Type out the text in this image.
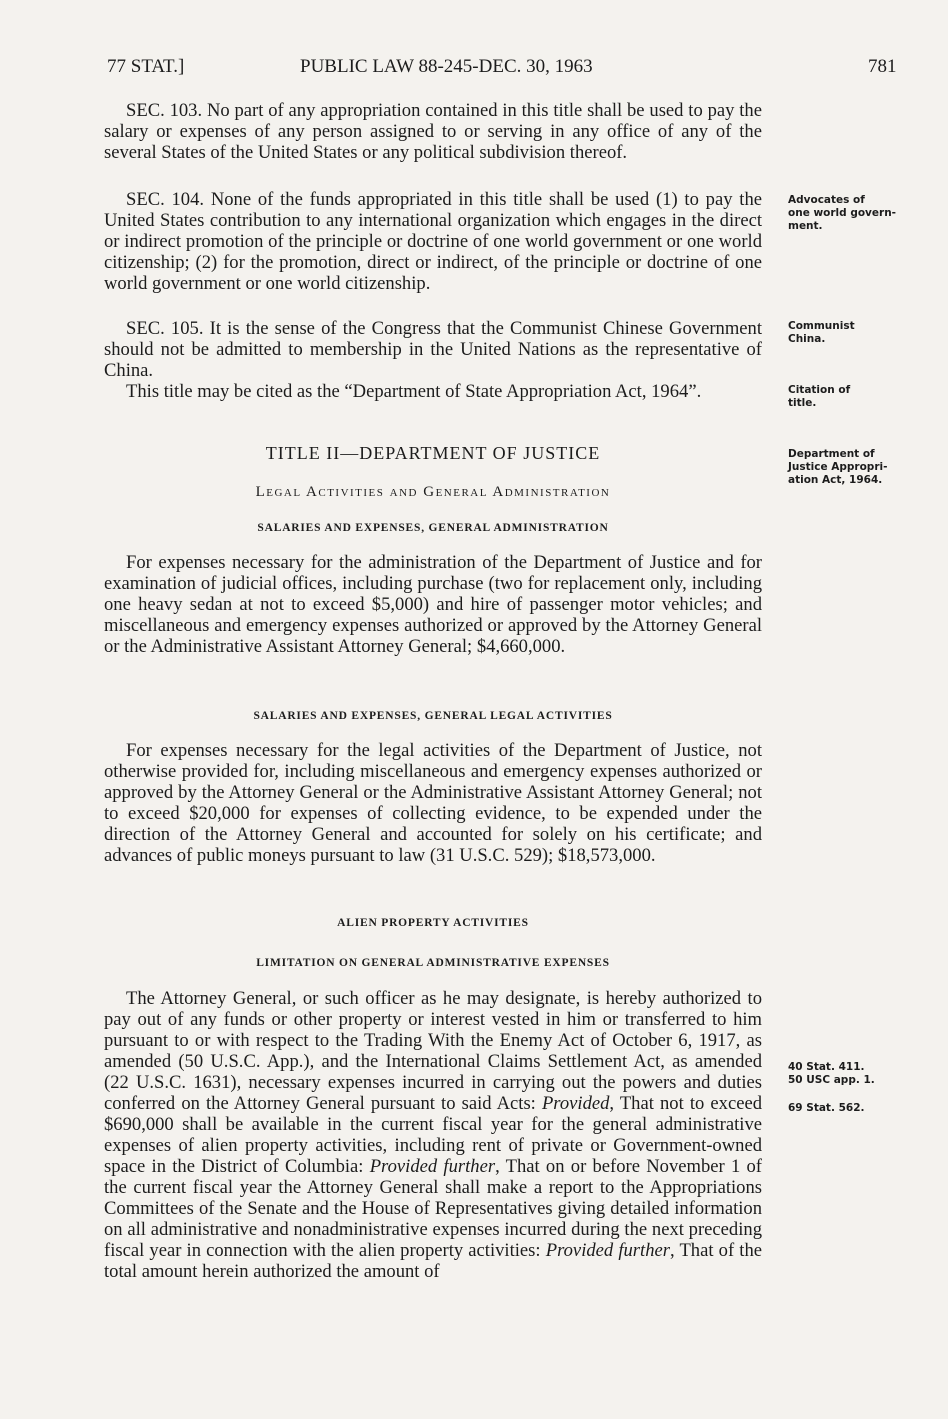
77 STAT.]	PUBLIC LAW 88-245-DEC. 30, 1963	781

SEC. 103. No part of any appropriation contained in this title shall be used to pay the salary or expenses of any person assigned to or serving in any office of any of the several States of the United States or any political subdivision thereof.

SEC. 104. None of the funds appropriated in this title shall be used (1) to pay the United States contribution to any international organization which engages in the direct or indirect promotion of the principle or doctrine of one world government or one world citizenship; (2) for the promotion, direct or indirect, of the principle or doctrine of one world government or one world citizenship.

SEC. 105. It is the sense of the Congress that the Communist Chinese Government should not be admitted to membership in the United Nations as the representative of China.

This title may be cited as the “Department of State Appropriation Act, 1964”.

TITLE II—DEPARTMENT OF JUSTICE
Legal Activities and General Administration
SALARIES AND EXPENSES, GENERAL ADMINISTRATION

For expenses necessary for the administration of the Department of Justice and for examination of judicial offices, including purchase (two for replacement only, including one heavy sedan at not to exceed $5,000) and hire of passenger motor vehicles; and miscellaneous and emergency expenses authorized or approved by the Attorney General or the Administrative Assistant Attorney General; $4,660,000.

SALARIES AND EXPENSES, GENERAL LEGAL ACTIVITIES

For expenses necessary for the legal activities of the Department of Justice, not otherwise provided for, including miscellaneous and emergency expenses authorized or approved by the Attorney General or the Administrative Assistant Attorney General; not to exceed $20,000 for expenses of collecting evidence, to be expended under the direction of the Attorney General and accounted for solely on his certificate; and advances of public moneys pursuant to law (31 U.S.C. 529); $18,573,000.

ALIEN PROPERTY ACTIVITIES
LIMITATION ON GENERAL ADMINISTRATIVE EXPENSES

The Attorney General, or such officer as he may designate, is hereby authorized to pay out of any funds or other property or interest vested in him or transferred to him pursuant to or with respect to the Trading With the Enemy Act of October 6, 1917, as amended (50 U.S.C. App.), and the International Claims Settlement Act, as amended (22 U.S.C. 1631), necessary expenses incurred in carrying out the powers and duties conferred on the Attorney General pursuant to said Acts: Provided, That not to exceed $690,000 shall be available in the current fiscal year for the general administrative expenses of alien property activities, including rent of private or Government-owned space in the District of Columbia: Provided further, That on or before November 1 of the current fiscal year the Attorney General shall make a report to the Appropriations Committees of the Senate and the House of Representatives giving detailed information on all administrative and nonadministrative expenses incurred during the next preceding fiscal year in connection with the alien property activities: Provided further, That of the total amount herein authorized the amount of

Advocates of
one world govern-
ment.
Communist
China.
Citation of
title.
Department of
Justice Appropri-
ation Act, 1964.
40 Stat. 411.
50 USC app. 1.
69 Stat. 562.
